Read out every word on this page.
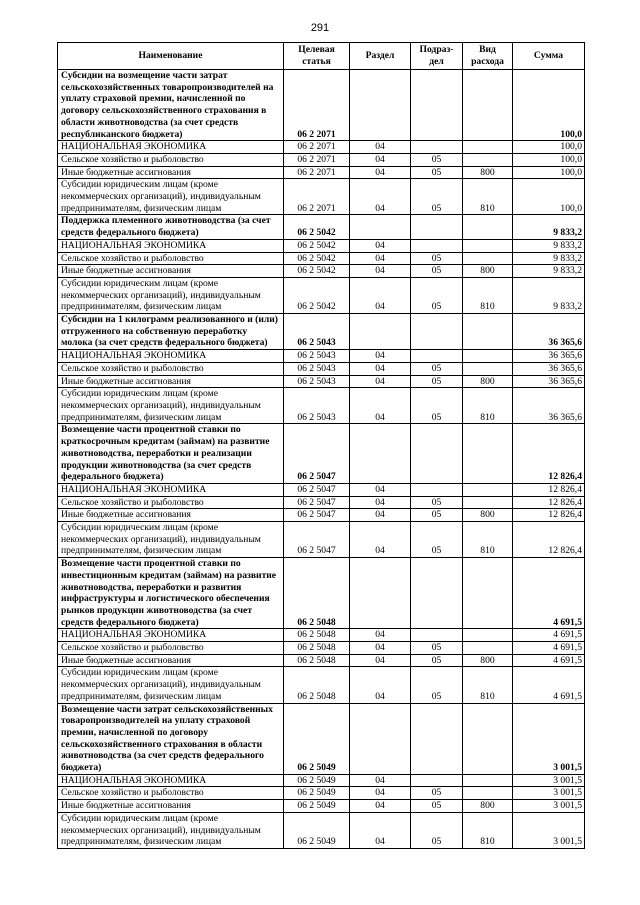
291
Наименование	Целевая статья	Раздел	Подраз-дел	Вид расхода	Сумма
Субсидии на возмещение части затрат сельскохозяйственных товаропроизводителей на уплату страховой премии, начисленной по договору сельскохозяйственного страхования в области животноводства (за счет средств республиканского бюджета)	06 2 2071				100,0
НАЦИОНАЛЬНАЯ ЭКОНОМИКА	06 2 2071	04			100,0
Сельское хозяйство и рыболовство	06 2 2071	04	05		100,0
Иные бюджетные ассигнования	06 2 2071	04	05	800	100,0
Субсидии юридическим лицам (кроме некоммерческих организаций), индивидуальным предпринимателям, физическим лицам	06 2 2071	04	05	810	100,0
Поддержка племенного животноводства (за счет средств федерального бюджета)	06 2 5042				9 833,2
НАЦИОНАЛЬНАЯ ЭКОНОМИКА	06 2 5042	04			9 833,2
Сельское хозяйство и рыболовство	06 2 5042	04	05		9 833,2
Иные бюджетные ассигнования	06 2 5042	04	05	800	9 833,2
Субсидии юридическим лицам (кроме некоммерческих организаций), индивидуальным предпринимателям, физическим лицам	06 2 5042	04	05	810	9 833,2
Субсидии на 1 килограмм реализованного и (или) отгруженного на собственную переработку молока (за счет средств федерального бюджета)	06 2 5043				36 365,6
НАЦИОНАЛЬНАЯ ЭКОНОМИКА	06 2 5043	04			36 365,6
Сельское хозяйство и рыболовство	06 2 5043	04	05		36 365,6
Иные бюджетные ассигнования	06 2 5043	04	05	800	36 365,6
Субсидии юридическим лицам (кроме некоммерческих организаций), индивидуальным предпринимателям, физическим лицам	06 2 5043	04	05	810	36 365,6
Возмещение части процентной ставки по краткосрочным кредитам (займам) на развитие животноводства, переработки и реализации продукции животноводства (за счет средств федерального бюджета)	06 2 5047				12 826,4
НАЦИОНАЛЬНАЯ ЭКОНОМИКА	06 2 5047	04			12 826,4
Сельское хозяйство и рыболовство	06 2 5047	04	05		12 826,4
Иные бюджетные ассигнования	06 2 5047	04	05	800	12 826,4
Субсидии юридическим лицам (кроме некоммерческих организаций), индивидуальным предпринимателям, физическим лицам	06 2 5047	04	05	810	12 826,4
Возмещение части процентной ставки по инвестиционным кредитам (займам) на развитие животноводства, переработки и развития инфраструктуры и логистического обеспечения рынков продукции животноводства (за счет средств федерального бюджета)	06 2 5048				4 691,5
НАЦИОНАЛЬНАЯ ЭКОНОМИКА	06 2 5048	04			4 691,5
Сельское хозяйство и рыболовство	06 2 5048	04	05		4 691,5
Иные бюджетные ассигнования	06 2 5048	04	05	800	4 691,5
Субсидии юридическим лицам (кроме некоммерческих организаций), индивидуальным предпринимателям, физическим лицам	06 2 5048	04	05	810	4 691,5
Возмещение части затрат сельскохозяйственных товаропроизводителей на уплату страховой премии, начисленной по договору сельскохозяйственного страхования в области животноводства (за счет средств федерального бюджета)	06 2 5049				3 001,5
НАЦИОНАЛЬНАЯ ЭКОНОМИКА	06 2 5049	04			3 001,5
Сельское хозяйство и рыболовство	06 2 5049	04	05		3 001,5
Иные бюджетные ассигнования	06 2 5049	04	05	800	3 001,5
Субсидии юридическим лицам (кроме некоммерческих организаций), индивидуальным предпринимателям, физическим лицам	06 2 5049	04	05	810	3 001,5
